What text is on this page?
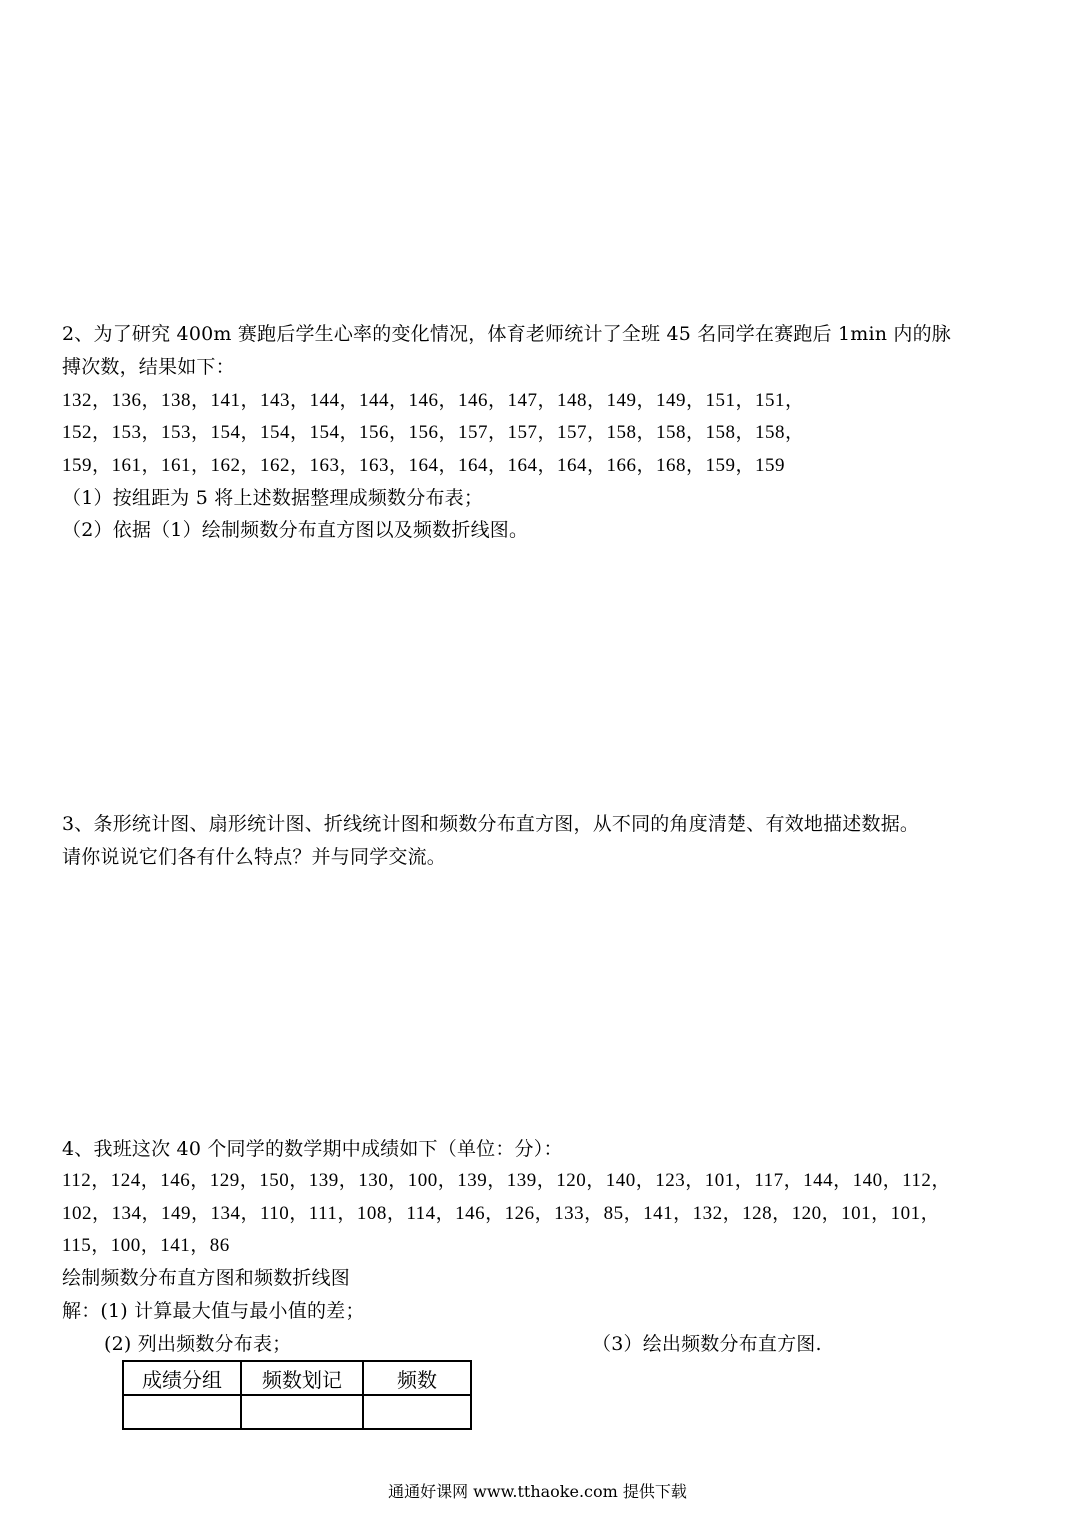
2、为了研究 400m 赛跑后学生心率的变化情况，体育老师统计了全班 45 名同学在赛跑后 1min 内的脉
搏次数，结果如下：
132，136，138，141，143，144，144，146，146，147，148，149，149，151，151，
152，153，153，154，154，154，156，156，157，157，157，158，158，158，158，
159，161，161，162，162，163，163，164，164，164，164，166，168，159，159
（1）按组距为 5 将上述数据整理成频数分布表；
（2）依据（1）绘制频数分布直方图以及频数折线图。
3、条形统计图、扇形统计图、折线统计图和频数分布直方图，从不同的角度清楚、有效地描述数据。
请你说说它们各有什么特点？并与同学交流。
4、我班这次 40 个同学的数学期中成绩如下（单位：分）：
112，124，146，129，150，139，130，100，139，139，120，140，123，101，117，144，140，112，
102，134，149，134，110，111，108，114，146，126，133，85，141，132，128，120，101，101，
115，100，141，86
绘制频数分布直方图和频数折线图
解：(1) 计算最大值与最小值的差；
(2) 列出频数分布表；	（3）绘出频数分布直方图.
成绩分组	频数划记	频数

通通好课网 www.tthaoke.com 提供下载
